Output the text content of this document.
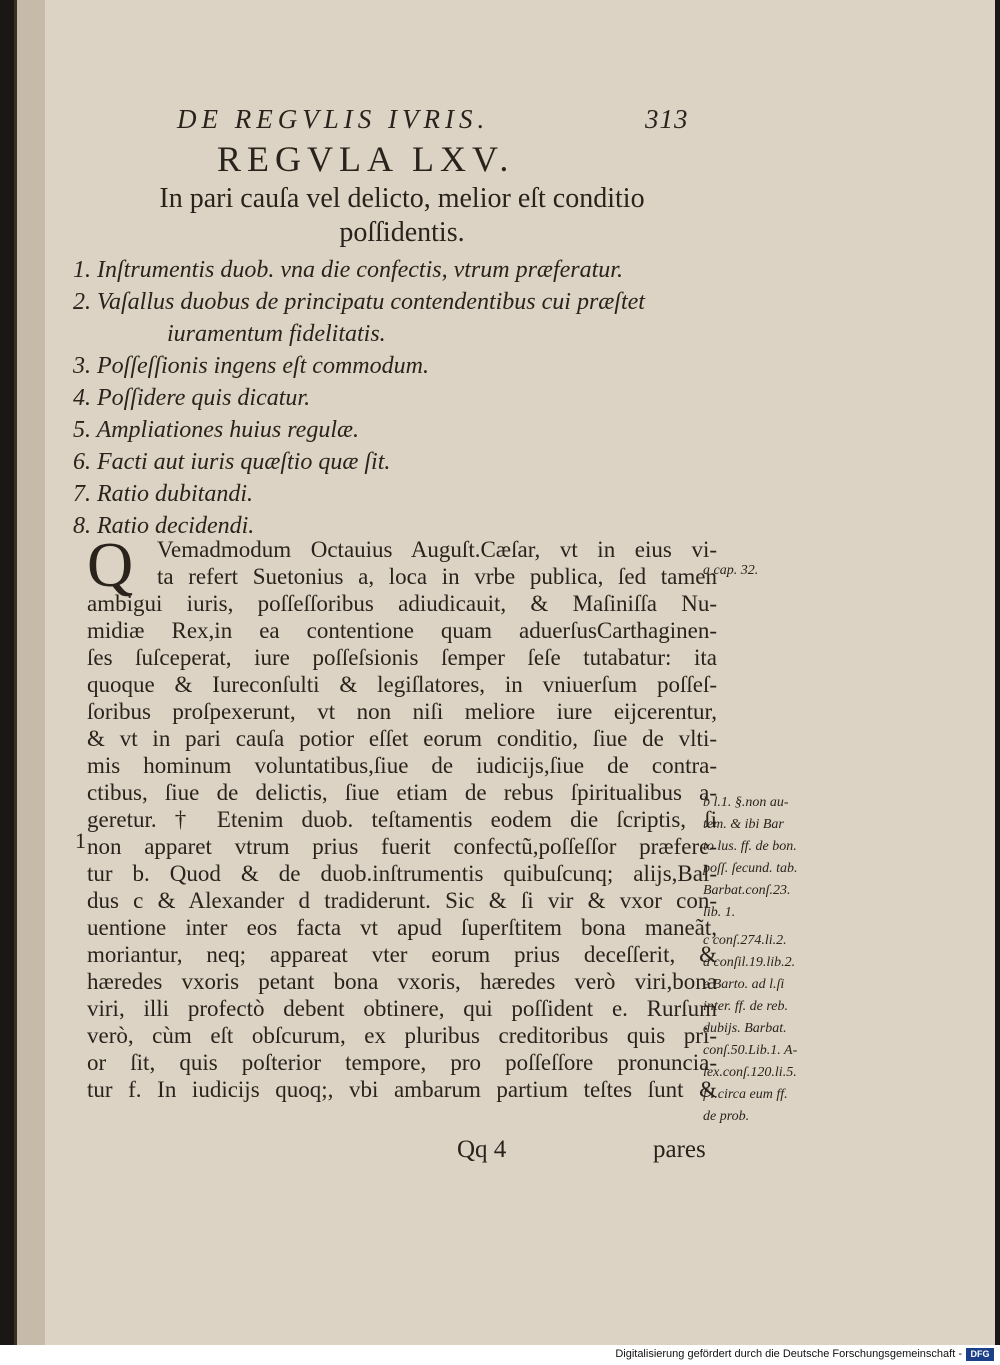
DE REGVLIS IVRIS.	313
REGVLA LXV.
In pari cauſa vel delicto, melior eſt conditio
poſſidentis.
1. Inſtrumentis duob. vna die confectis, vtrum præferatur.
2. Vaſallus duobus de principatu contendentibus cui præſtet
iuramentum fidelitatis.
3. Poſſeſſionis ingens eſt commodum.
4. Poſſidere quis dicatur.
5. Ampliationes huius regulæ.
6. Facti aut iuris quæſtio quæ ſit.
7. Ratio dubitandi.
8. Ratio decidendi.
1
Q	Vemadmodum Octauius Auguſt.Cæſar, vt in eius vi-
ta refert Suetonius a, loca in vrbe publica, ſed tamen
ambigui iuris, poſſeſſoribus adiudicauit, & Maſiniſſa Nu-
midiæ Rex,in ea contentione quam aduerſusCarthaginen-
ſes ſuſceperat, iure poſſeſsionis ſemper ſeſe tutabatur: ita
quoque & Iureconſulti & legiſlatores, in vniuerſum poſſeſ-
ſoribus proſpexerunt, vt non niſi meliore iure eijcerentur,
& vt in pari cauſa potior eſſet eorum conditio, ſiue de vlti-
mis hominum voluntatibus,ſiue de iudicijs,ſiue de contra-
ctibus, ſiue de delictis, ſiue etiam de rebus ſpiritualibus a-
geretur. † Etenim duob. teſtamentis eodem die ſcriptis, ſi
non apparet vtrum prius fuerit confectũ,poſſeſſor præfere-
tur b. Quod & de duob.inſtrumentis quibuſcunq; alijs,Bal-
dus c & Alexander d tradiderunt. Sic & ſi vir & vxor con-
uentione inter eos facta vt apud ſuperſtitem bona maneãt,
moriantur, neq; appareat vter eorum prius deceſſerit, &
hæredes vxoris petant bona vxoris, hæredes verò viri,bona
viri, illi profectò debent obtinere, qui poſſident e. Rurſum
verò, cùm eſt obſcurum, ex pluribus creditoribus quis pri-
or ſit, quis poſterior tempore, pro poſſeſſore pronuncia-
tur f. In iudicijs quoq;, vbi ambarum partium teſtes ſunt &
a cap. 32.
b l.1. §.non au-
tem. & ibi Bar
to lus. ff. de bon.
poſſ. ſecund. tab.
Barbat.conſ.23.
lib. 1.
c conſ.274.li.2.
d conſil.19.lib.2.
e Barto. ad l.ſi
inter. ff. de reb.
dubijs. Barbat.
conſ.50.Lib.1. A-
lex.conſ.120.li.5.
f l.circa eum ff.
de prob.
Qq 4	pares
Digitalisierung gefördert durch die Deutsche Forschungsgemeinschaft - DFG
